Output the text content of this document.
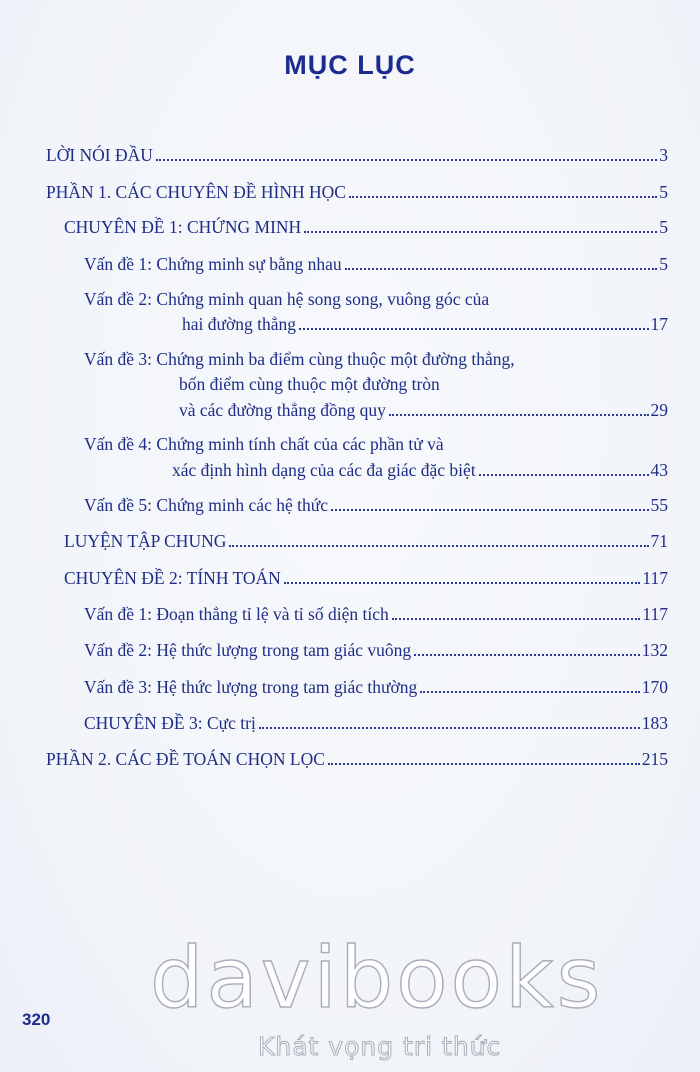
MỤC LỤC
LỜI NÓI ĐẦU	3
PHẦN 1. CÁC CHUYÊN ĐỀ HÌNH HỌC	5
CHUYÊN ĐỀ 1: CHỨNG MINH	5
Vấn đề 1: Chứng minh sự bằng nhau	5
Vấn đề 2: Chứng minh quan hệ song song, vuông góc của
hai đường thẳng	17
Vấn đề 3: Chứng minh ba điểm cùng thuộc một đường thẳng,
bốn điểm cùng thuộc một đường tròn
và các đường thẳng đồng quy	29
Vấn đề 4: Chứng minh tính chất của các phần tử và
xác định hình dạng của các đa giác đặc biệt	43
Vấn đề 5: Chứng minh các hệ thức	55
LUYỆN TẬP CHUNG	71
CHUYÊN ĐỀ 2: TÍNH TOÁN	117
Vấn đề 1: Đoạn thẳng tỉ lệ và tỉ số diện tích	117
Vấn đề 2: Hệ thức lượng trong tam giác vuông	132
Vấn đề 3: Hệ thức lượng trong tam giác thường	170
CHUYÊN ĐỀ 3: Cực trị	183
PHẦN 2. CÁC ĐỀ TOÁN CHỌN LỌC	215
davibooks
Khát vọng tri thức
320
